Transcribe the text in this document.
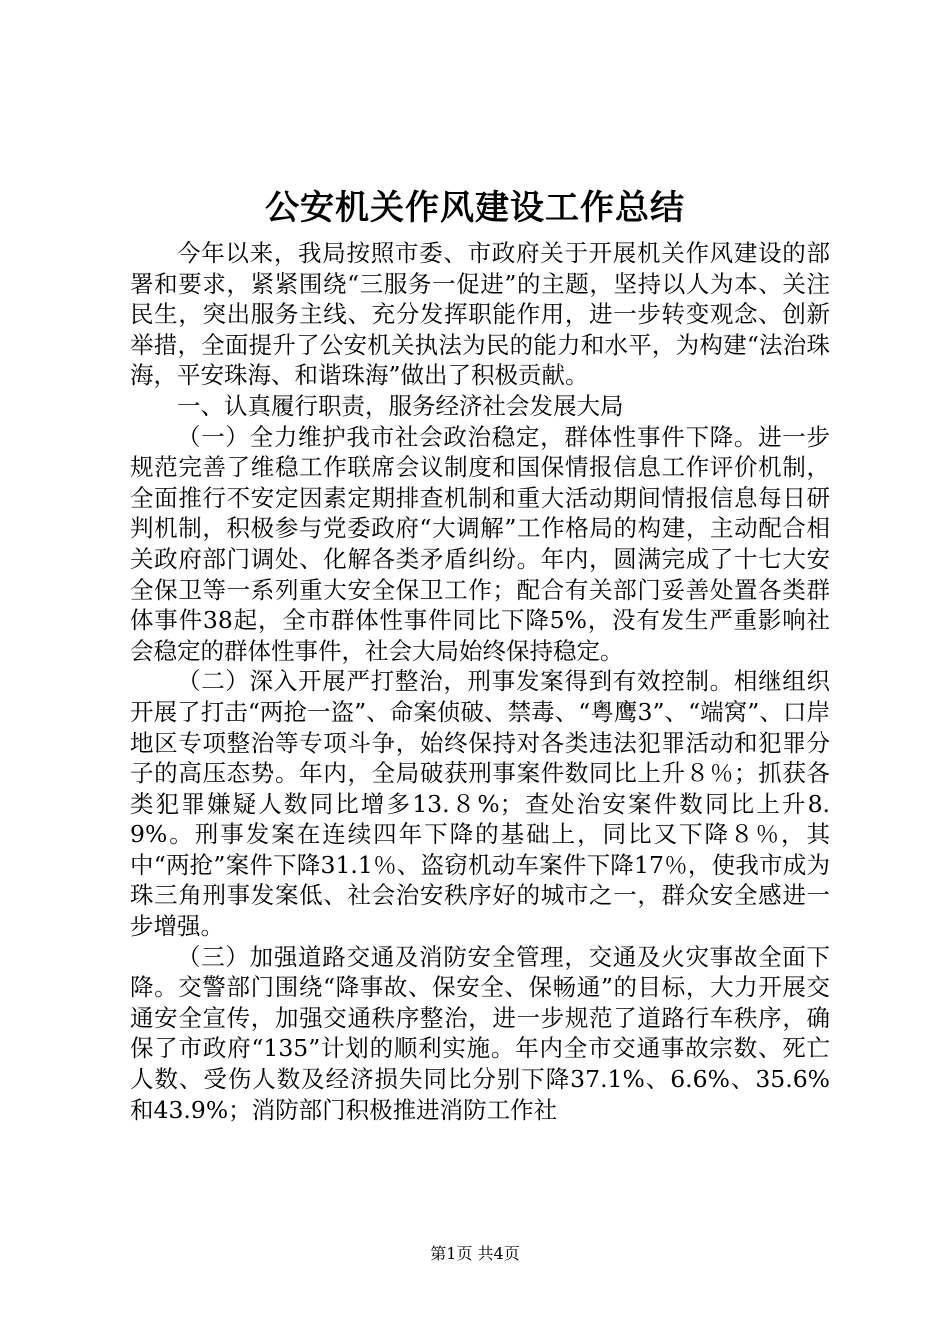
公安机关作风建设工作总结

今年以来，我局按照市委、市政府关于开展机关作风建设的部署和要求，紧紧围绕“三服务一促进”的主题，坚持以人为本、关注民生，突出服务主线、充分发挥职能作用，进一步转变观念、创新举措，全面提升了公安机关执法为民的能力和水平，为构建“法治珠海，平安珠海、和谐珠海”做出了积极贡献。

一、认真履行职责，服务经济社会发展大局

（一）全力维护我市社会政治稳定，群体性事件下降。进一步规范完善了维稳工作联席会议制度和国保情报信息工作评价机制，全面推行不安定因素定期排查机制和重大活动期间情报信息每日研判机制，积极参与党委政府“大调解”工作格局的构建，主动配合相关政府部门调处、化解各类矛盾纠纷。年内，圆满完成了十七大安全保卫等一系列重大安全保卫工作；配合有关部门妥善处置各类群体事件38起，全市群体性事件同比下降5%，没有发生严重影响社会稳定的群体性事件，社会大局始终保持稳定。

（二）深入开展严打整治，刑事发案得到有效控制。相继组织开展了打击“两抢一盗”、命案侦破、禁毒、“粤鹰3”、“端窝”、口岸地区专项整治等专项斗争，始终保持对各类违法犯罪活动和犯罪分子的高压态势。年内，全局破获刑事案件数同比上升８％；抓获各类犯罪嫌疑人数同比增多13.８%；查处治安案件数同比上升8.9%。刑事发案在连续四年下降的基础上，同比又下降８％，其中“两抢”案件下降31.1％、盗窃机动车案件下降17％，使我市成为珠三角刑事发案低、社会治安秩序好的城市之一，群众安全感进一步增强。

（三）加强道路交通及消防安全管理，交通及火灾事故全面下降。交警部门围绕“降事故、保安全、保畅通”的目标，大力开展交通安全宣传，加强交通秩序整治，进一步规范了道路行车秩序，确保了市政府“135”计划的顺利实施。年内全市交通事故宗数、死亡人数、受伤人数及经济损失同比分别下降37.1%、6.6%、35.6%和43.9%；消防部门积极推进消防工作社

第1页 共4页
